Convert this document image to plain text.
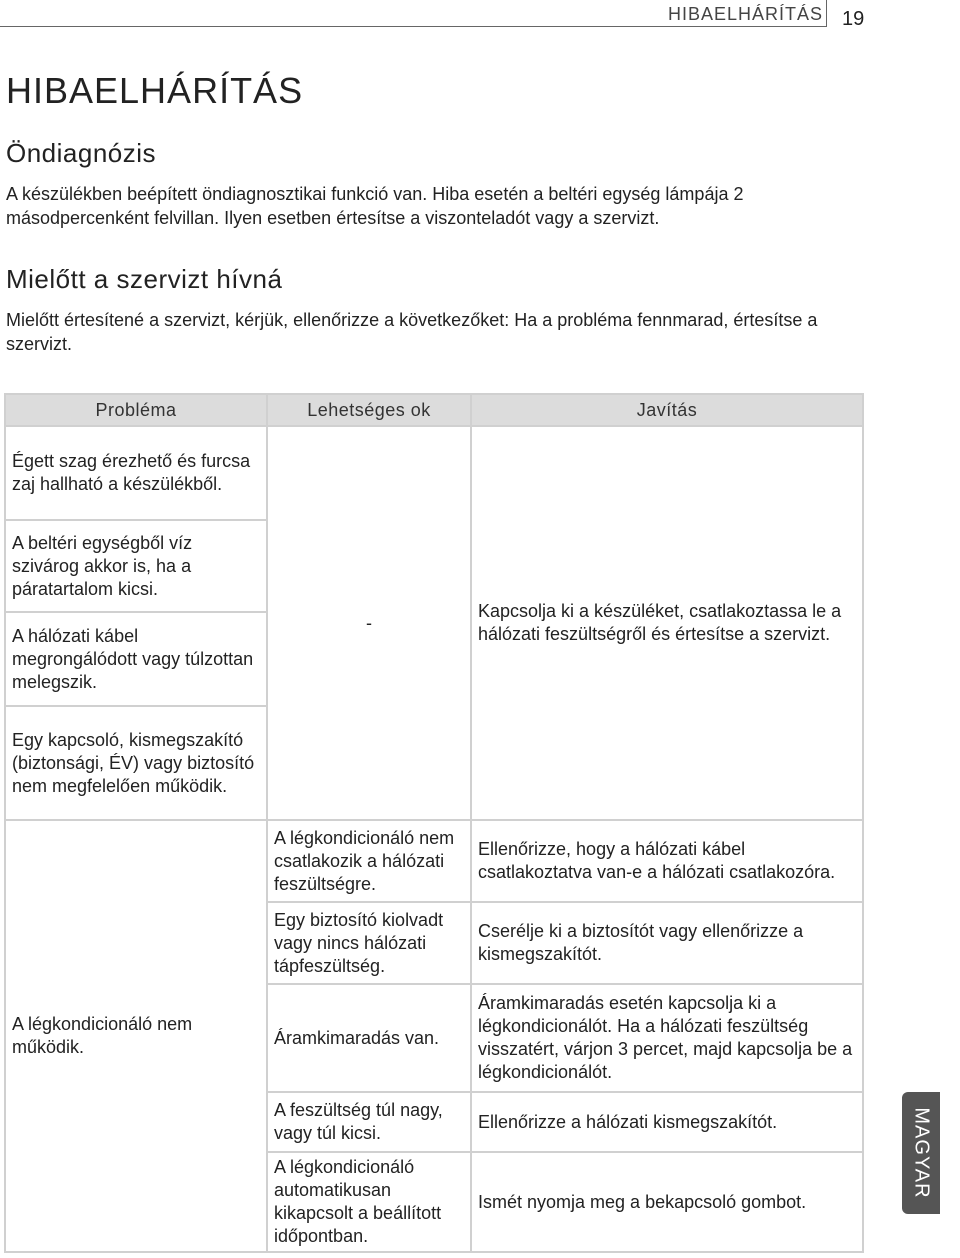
HIBAELHÁRÍTÁS 19
HIBAELHÁRÍTÁS
Öndiagnózis

A készülékben beépített öndiagnosztikai funkció van. Hiba esetén a beltéri egység lámpája 2 másodpercenként felvillan. Ilyen esetben értesítse a viszonteladót vagy a szervizt.

Mielőtt a szervizt hívná

Mielőtt értesítené a szervizt, kérjük, ellenőrizze a következőket: Ha a probléma fennmarad, értesítse a szervizt.

Probléma	Lehetséges ok	Javítás
Égett szag érezhető és furcsa zaj hallható a készülékből.	-	Kapcsolja ki a készüléket, csatlakoztassa le a hálózati feszültségről és értesítse a szervizt.
A beltéri egységből víz szivárog akkor is, ha a páratartalom kicsi.		
A hálózati kábel megrongálódott vagy túlzottan melegszik.		
Egy kapcsoló, kismegszakító (biztonsági, ÉV) vagy biztosító nem megfelelően működik.		
A légkondicionáló nem működik.	A légkondicionáló nem csatlakozik a hálózati feszültségre.	Ellenőrizze, hogy a hálózati kábel csatlakoztatva van-e a hálózati csatlakozóra.
	Egy biztosító kiolvadt vagy nincs hálózati tápfeszültség.	Cserélje ki a biztosítót vagy ellenőrizze a kismegszakítót.
	Áramkimaradás van.	Áramkimaradás esetén kapcsolja ki a légkondicionálót. Ha a hálózati feszültség visszatért, várjon 3 percet, majd kapcsolja be a légkondicionálót.
	A feszültség túl nagy, vagy túl kicsi.	Ellenőrizze a hálózati kismegszakítót.
	A légkondicionáló automatikusan kikapcsolt a beállított időpontban.	Ismét nyomja meg a bekapcsoló gombot.
MAGYAR
